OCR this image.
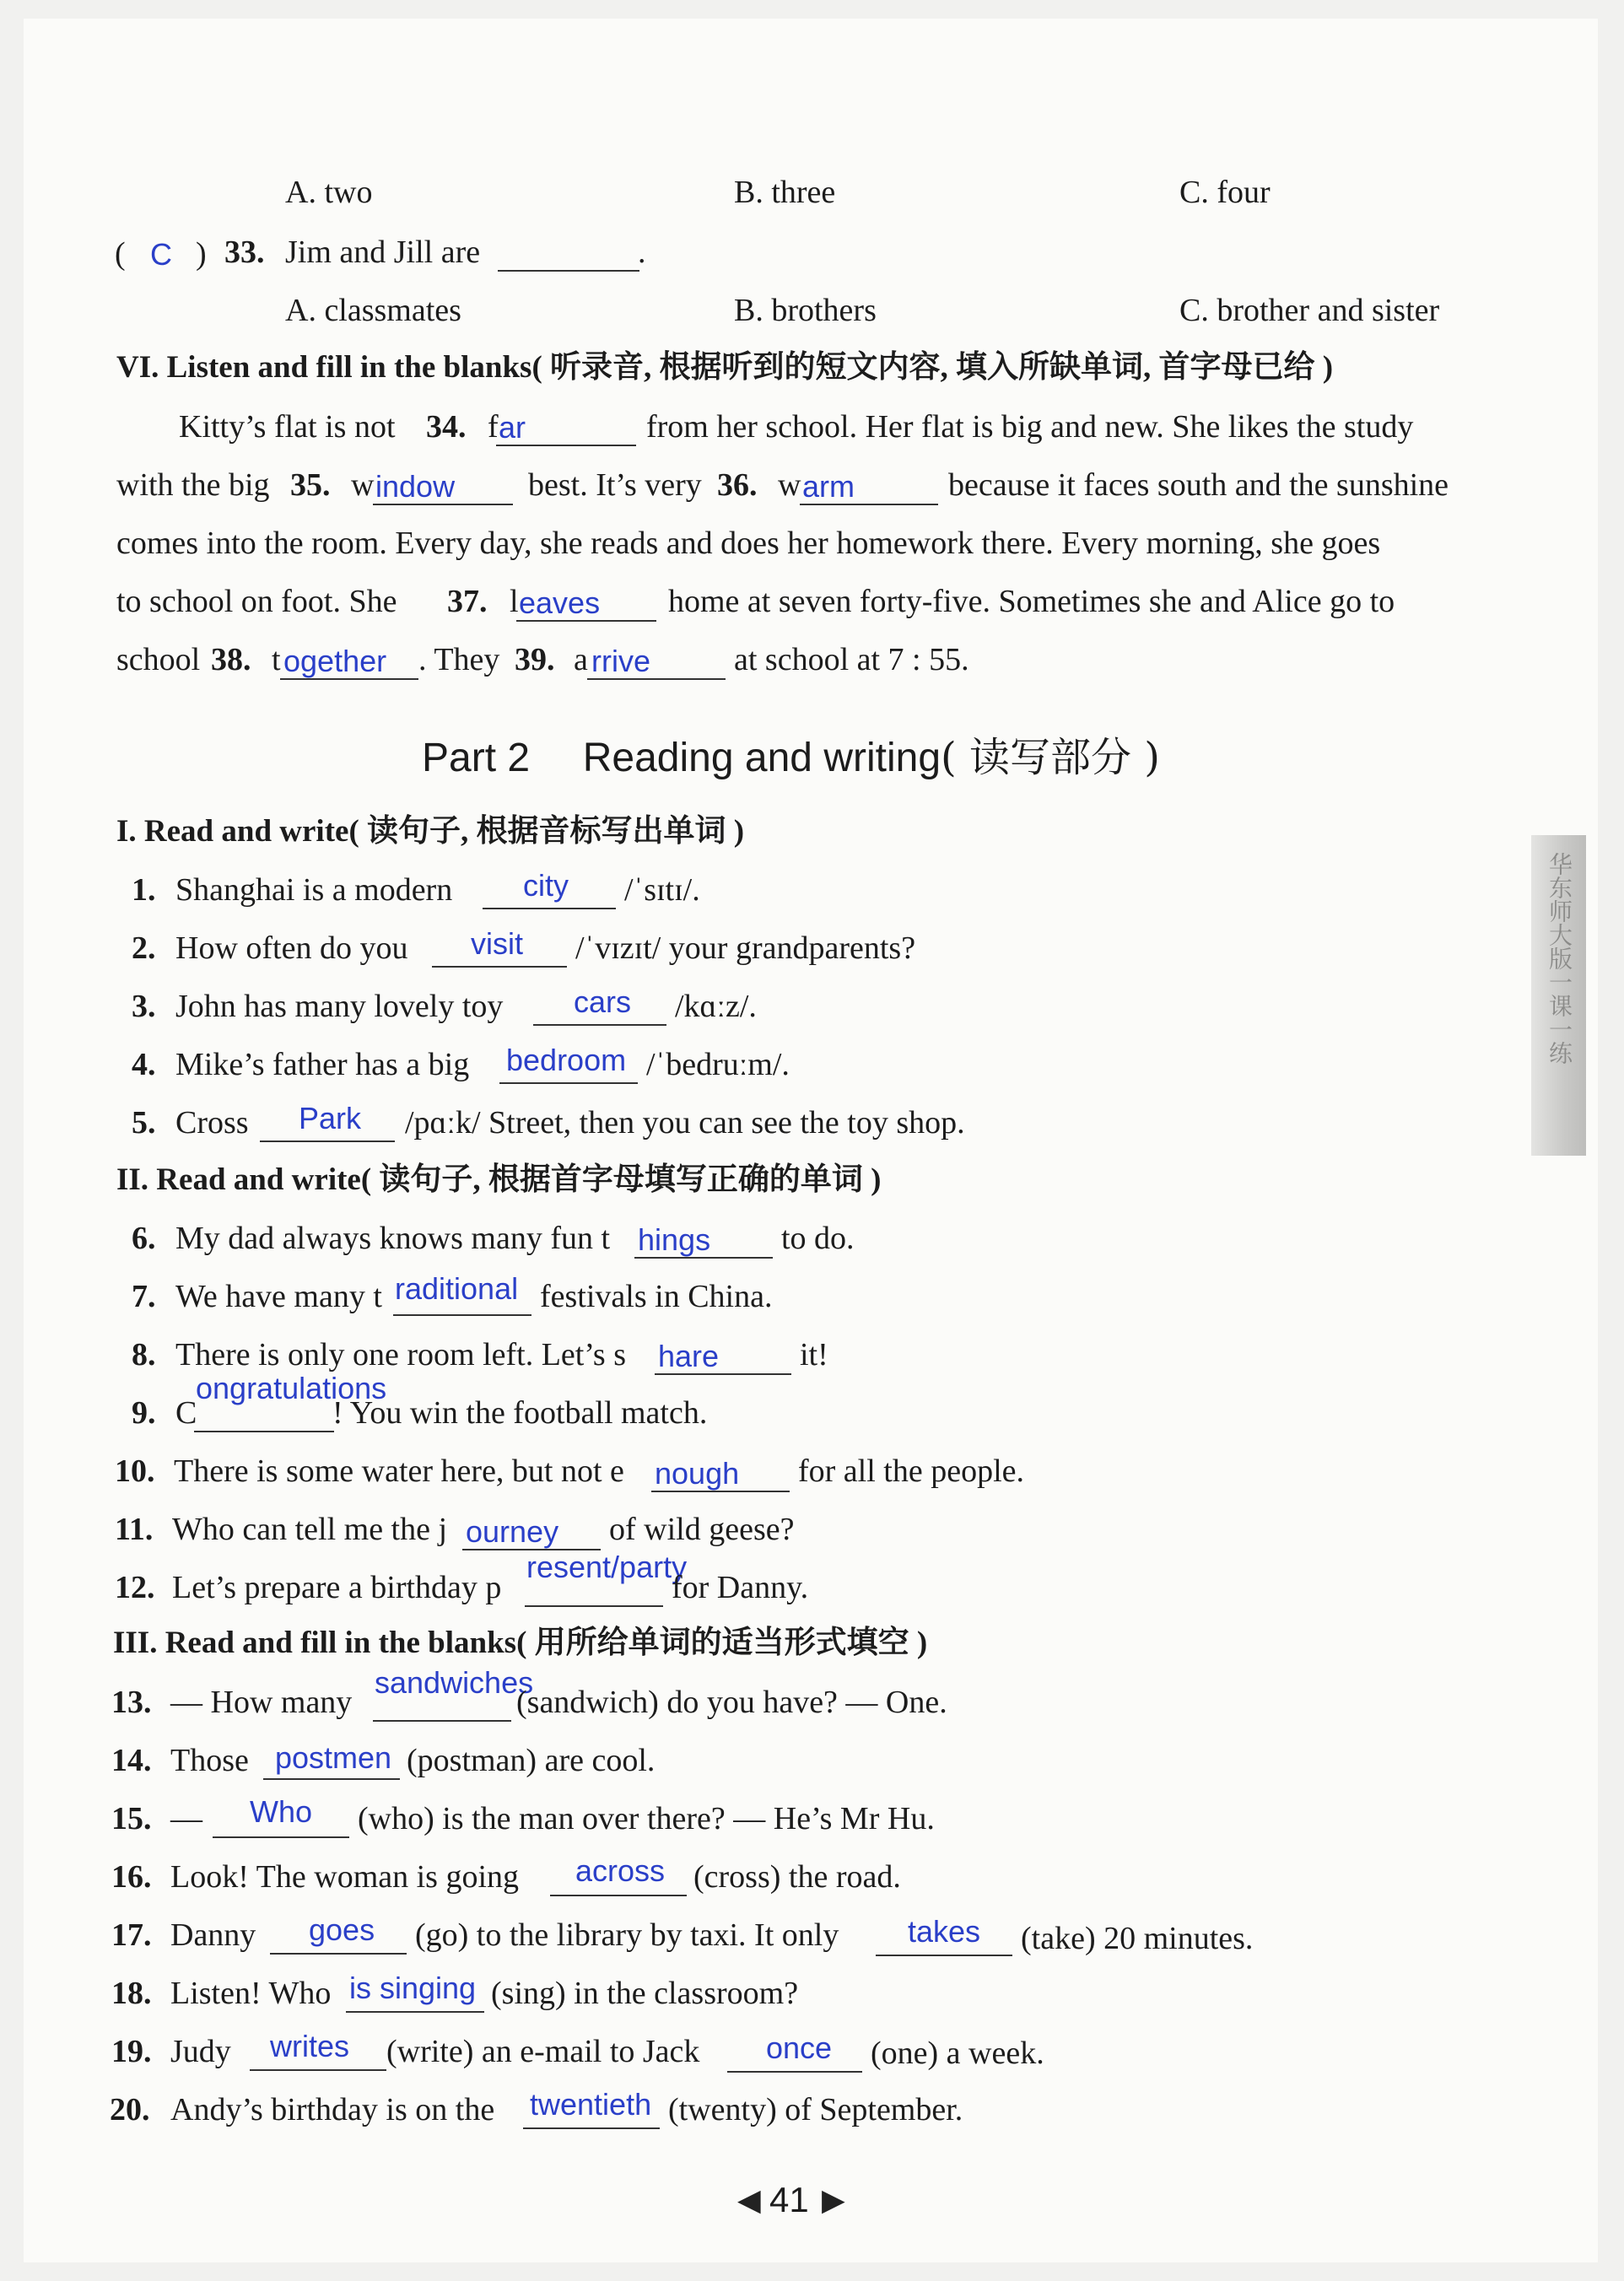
A. two	B. three	C. four
( C ) 33. Jim and Jill are	.
A. classmates	B. brothers	C. brother and sister
VI. Listen and fill in the blanks( 听录音, 根据听到的短文内容, 填入所缺单词, 首字母已给 )
Kitty’s flat is not 34. f ar	from her school. Her flat is big and new. She likes the study
with the big 35. w indow best. It’s very 36. w arm	because it faces south and the sunshine
comes into the room. Every day, she reads and does her homework there. Every morning, she goes
to school on foot. She 37. l eaves home at seven forty-five. Sometimes she and Alice go to
school 38. t ogether . They 39. a rrive	at school at 7 : 55.
Part 2 Reading and writing( 读写部分 )
I. Read and write( 读句子, 根据音标写出单词 )
1. Shanghai is a modern city /ˈsɪtɪ/.
2. How often do you visit /ˈvɪzɪt/ your grandparents?
3. John has many lovely toy cars /kɑːz/.
4. Mike’s father has a big bedroom /ˈbedruːm/.
5. Cross Park /pɑːk/ Street, then you can see the toy shop.
II. Read and write( 读句子, 根据首字母填写正确的单词 )
6. My dad always knows many fun t hings to do.
7. We have many t raditional festivals in China.
8. There is only one room left. Let’s s hare	it!
9. C
ongratulations
! You win the football match.
10. There is some water here, but not e nough for all the people.
11. Who can tell me the j ourney of wild geese?
12. Let’s prepare a birthday p
resent/party
for Danny.
III. Read and fill in the blanks( 用所给单词的适当形式填空 )
13. — How many
sandwiches
(sandwich) do you have? — One.
14. Those postmen (postman) are cool.
15. — Who (who) is the man over there? — He’s Mr Hu.
16. Look! The woman is going across (cross) the road.
17. Danny goes (go) to the library by taxi. It only takes (take) 20 minutes.
18. Listen! Who is singing (sing) in the classroom?
19. Judy writes (write) an e-mail to Jack once (one) a week.
20. Andy’s birthday is on the twentieth (twenty) of September.
华东师大版一课一练
◀ 41 ▶
